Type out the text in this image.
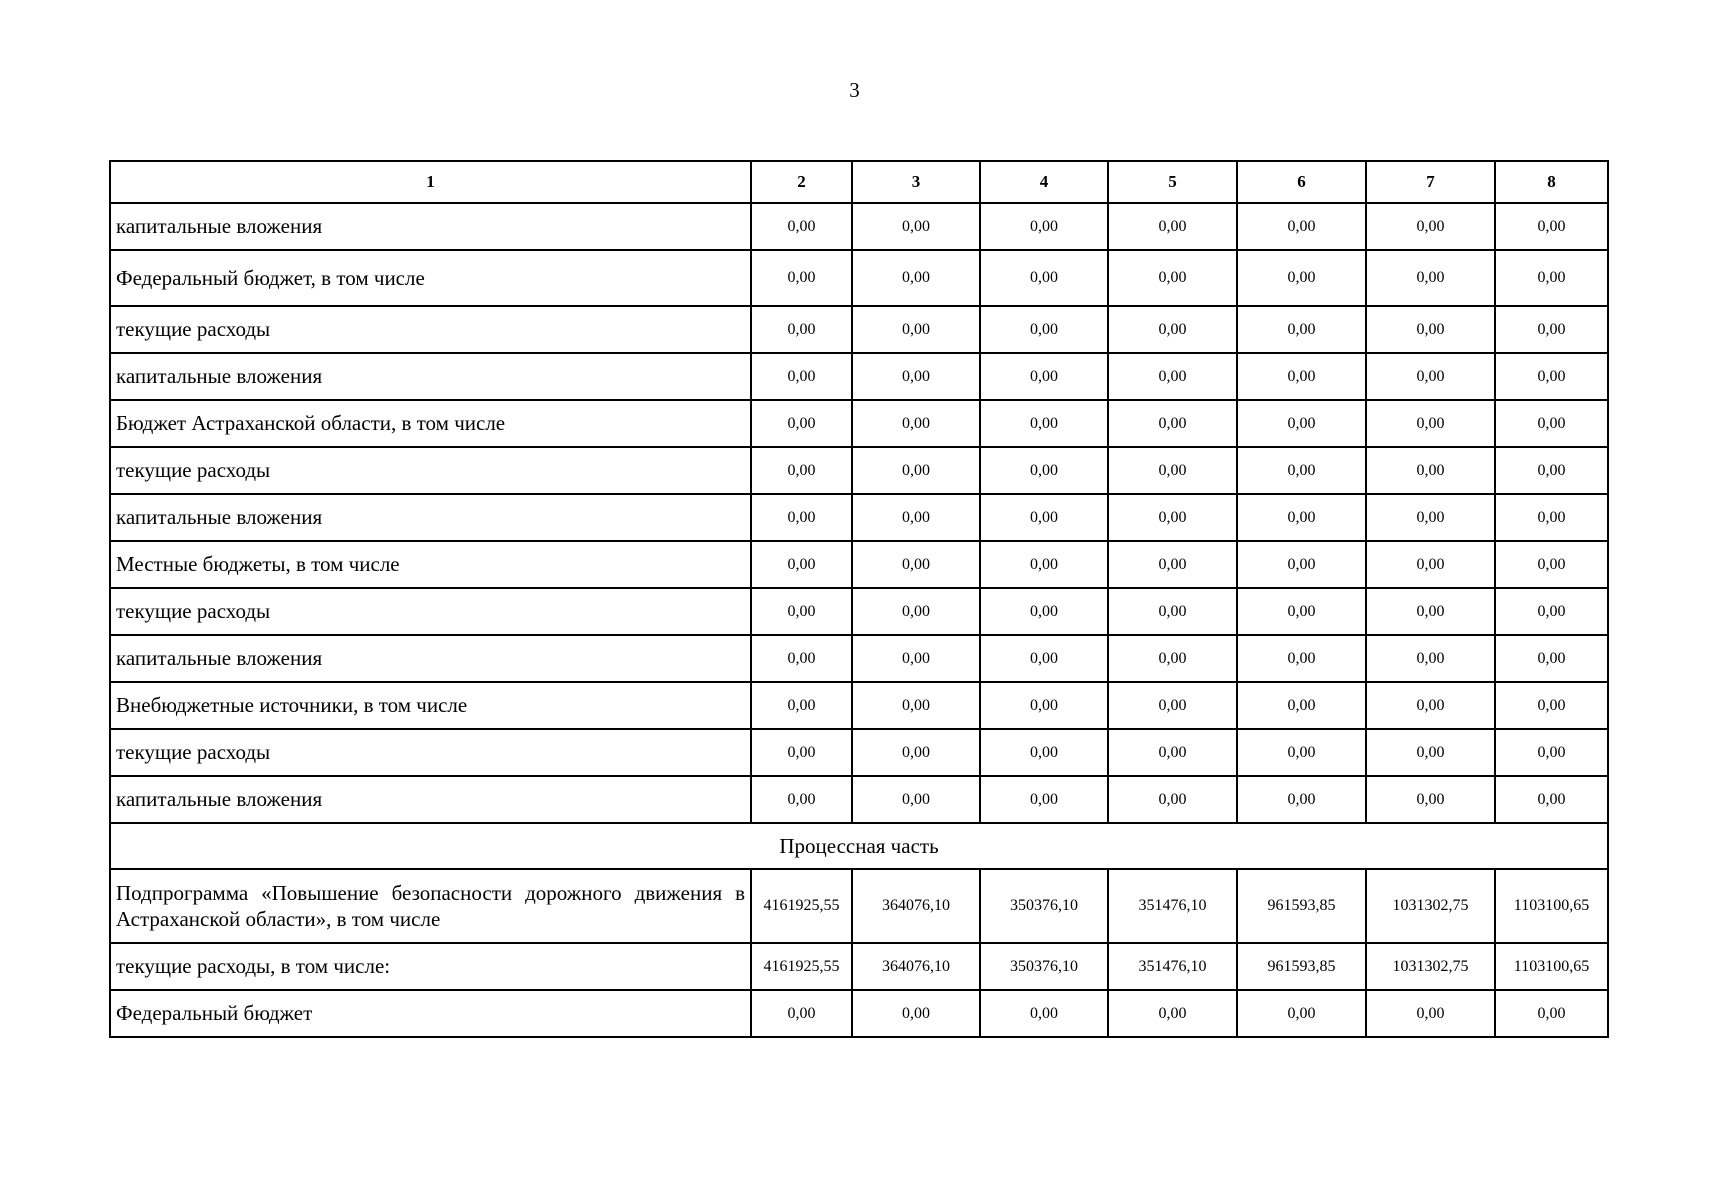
3
1	2	3	4	5	6	7	8
капитальные вложения	0,00	0,00	0,00	0,00	0,00	0,00	0,00
Федеральный бюджет, в том числе	0,00	0,00	0,00	0,00	0,00	0,00	0,00
текущие расходы	0,00	0,00	0,00	0,00	0,00	0,00	0,00
капитальные вложения	0,00	0,00	0,00	0,00	0,00	0,00	0,00
Бюджет Астраханской области, в том числе	0,00	0,00	0,00	0,00	0,00	0,00	0,00
текущие расходы	0,00	0,00	0,00	0,00	0,00	0,00	0,00
капитальные вложения	0,00	0,00	0,00	0,00	0,00	0,00	0,00
Местные бюджеты, в том числе	0,00	0,00	0,00	0,00	0,00	0,00	0,00
текущие расходы	0,00	0,00	0,00	0,00	0,00	0,00	0,00
капитальные вложения	0,00	0,00	0,00	0,00	0,00	0,00	0,00
Внебюджетные источники, в том числе	0,00	0,00	0,00	0,00	0,00	0,00	0,00
текущие расходы	0,00	0,00	0,00	0,00	0,00	0,00	0,00
капитальные вложения	0,00	0,00	0,00	0,00	0,00	0,00	0,00
Процессная часть							
Подпрограмма «Повышение безопасности дорожного движения в Астраханской области», в том числе	4161925,55	364076,10	350376,10	351476,10	961593,85	1031302,75	1103100,65
текущие расходы, в том числе:	4161925,55	364076,10	350376,10	351476,10	961593,85	1031302,75	1103100,65
Федеральный бюджет	0,00	0,00	0,00	0,00	0,00	0,00	0,00
